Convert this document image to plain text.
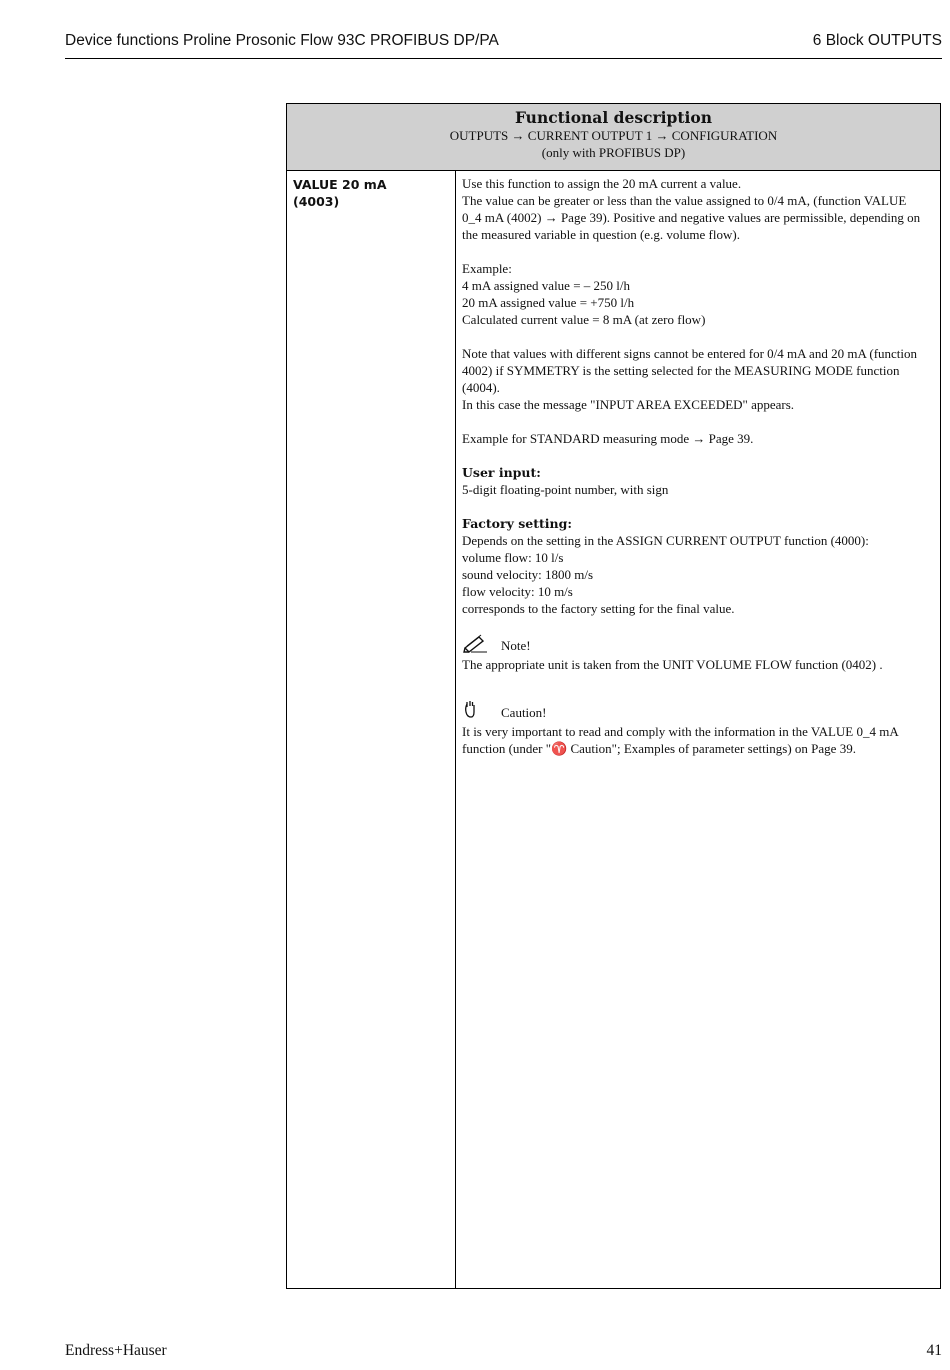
Device functions Proline Prosonic Flow 93C PROFIBUS DP/PA	6 Block OUTPUTS
Functional description
OUTPUTS → CURRENT OUTPUT 1 → CONFIGURATION
(only with PROFIBUS DP)
VALUE 20 mA
(4003)

Use this function to assign the 20 mA current a value.
The value can be greater or less than the value assigned to 0/4 mA, (function VALUE
0_4 mA (4002) → Page 39). Positive and negative values are permissible, depending on
the measured variable in question (e.g. volume flow).

Example:
4 mA assigned value = – 250 l/h
20 mA assigned value = +750 l/h
Calculated current value = 8 mA (at zero flow)

Note that values with different signs cannot be entered for 0/4 mA and 20 mA (function
4002) if SYMMETRY is the setting selected for the MEASURING MODE function (4004).
In this case the message "INPUT AREA EXCEEDED" appears.

Example for STANDARD measuring mode → Page 39.

User input:
5-digit floating-point number, with sign

Factory setting:
Depends on the setting in the ASSIGN CURRENT OUTPUT function (4000):
volume flow: 10 l/s
sound velocity: 1800 m/s
flow velocity: 10 m/s
corresponds to the factory setting for the final value.

Note!
The appropriate unit is taken from the UNIT VOLUME FLOW function (0402) .
Caution!
It is very important to read and comply with the information in the VALUE 0_4 mA
function (under "♈ Caution"; Examples of parameter settings) on Page 39.
Endress+Hauser	41
